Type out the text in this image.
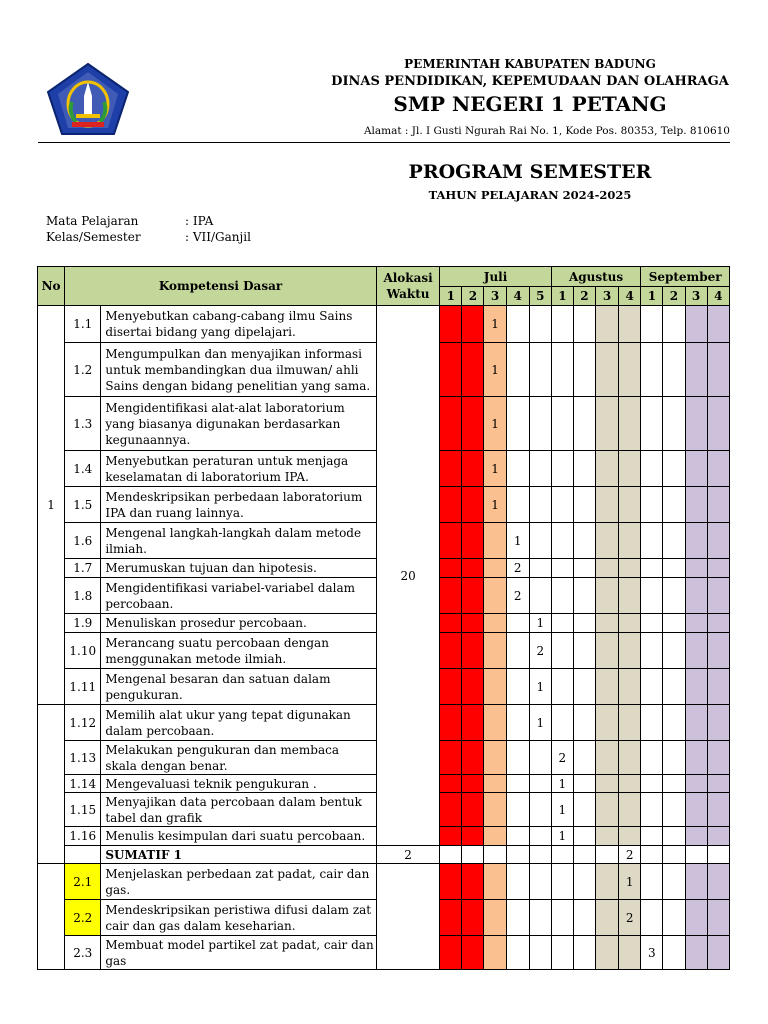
PEMERINTAH KABUPATEN BADUNG
DINAS PENDIDIKAN, KEPEMUDAAN DAN OLAHRAGA
SMP NEGERI 1 PETANG
Alamat : Jl. I Gusti Ngurah Rai No. 1, Kode Pos. 80353, Telp. 810610
PROGRAM SEMESTER
TAHUN PELAJARAN 2024-2025
Mata Pelajaran	: IPA
Kelas/Semester	: VII/Ganjil
No	Kompetensi Dasar		Alokasi Waktu	Juli					Agustus				September			
				1	2	3	4	5	1	2	3	4	1	2	3	4
1	1.1	Menyebutkan cabang-cabang ilmu Sains disertai bidang yang dipelajari.	20			1										
	1.2	Mengumpulkan dan menyajikan informasi untuk membandingkan dua ilmuwan/ ahli Sains dengan bidang penelitian yang sama.				1										
	1.3	Mengidentifikasi alat-alat laboratorium yang biasanya digunakan berdasarkan kegunaannya.				1										
	1.4	Menyebutkan peraturan untuk menjaga keselamatan di laboratorium IPA.				1										
	1.5	Mendeskripsikan perbedaan laboratorium IPA dan ruang lainnya.				1										
	1.6	Mengenal langkah-langkah dalam metode ilmiah.					1									
	1.7	Merumuskan tujuan dan hipotesis.					2									
	1.8	Mengidentifikasi variabel-variabel dalam percobaan.					2									
	1.9	Menuliskan prosedur percobaan.						1								
	1.10	Merancang suatu percobaan dengan menggunakan metode ilmiah.						2								
	1.11	Mengenal besaran dan satuan dalam pengukuran.						1								
	1.12	Memilih alat ukur yang tepat digunakan dalam percobaan.						1								
	1.13	Melakukan pengukuran dan membaca skala dengan benar.							2							
	1.14	Mengevaluasi teknik pengukuran .							1							
	1.15	Menyajikan data percobaan dalam bentuk tabel dan grafik							1							
	1.16	Menulis kesimpulan dari suatu percobaan.							1							
		SUMATIF 1	2									2				
	2.1	Menjelaskan perbedaan zat padat, cair dan gas.										1				
	2.2	Mendeskripsikan peristiwa difusi dalam zat cair dan gas dalam keseharian.										2				
	2.3	Membuat model partikel zat padat, cair dan gas											3			
